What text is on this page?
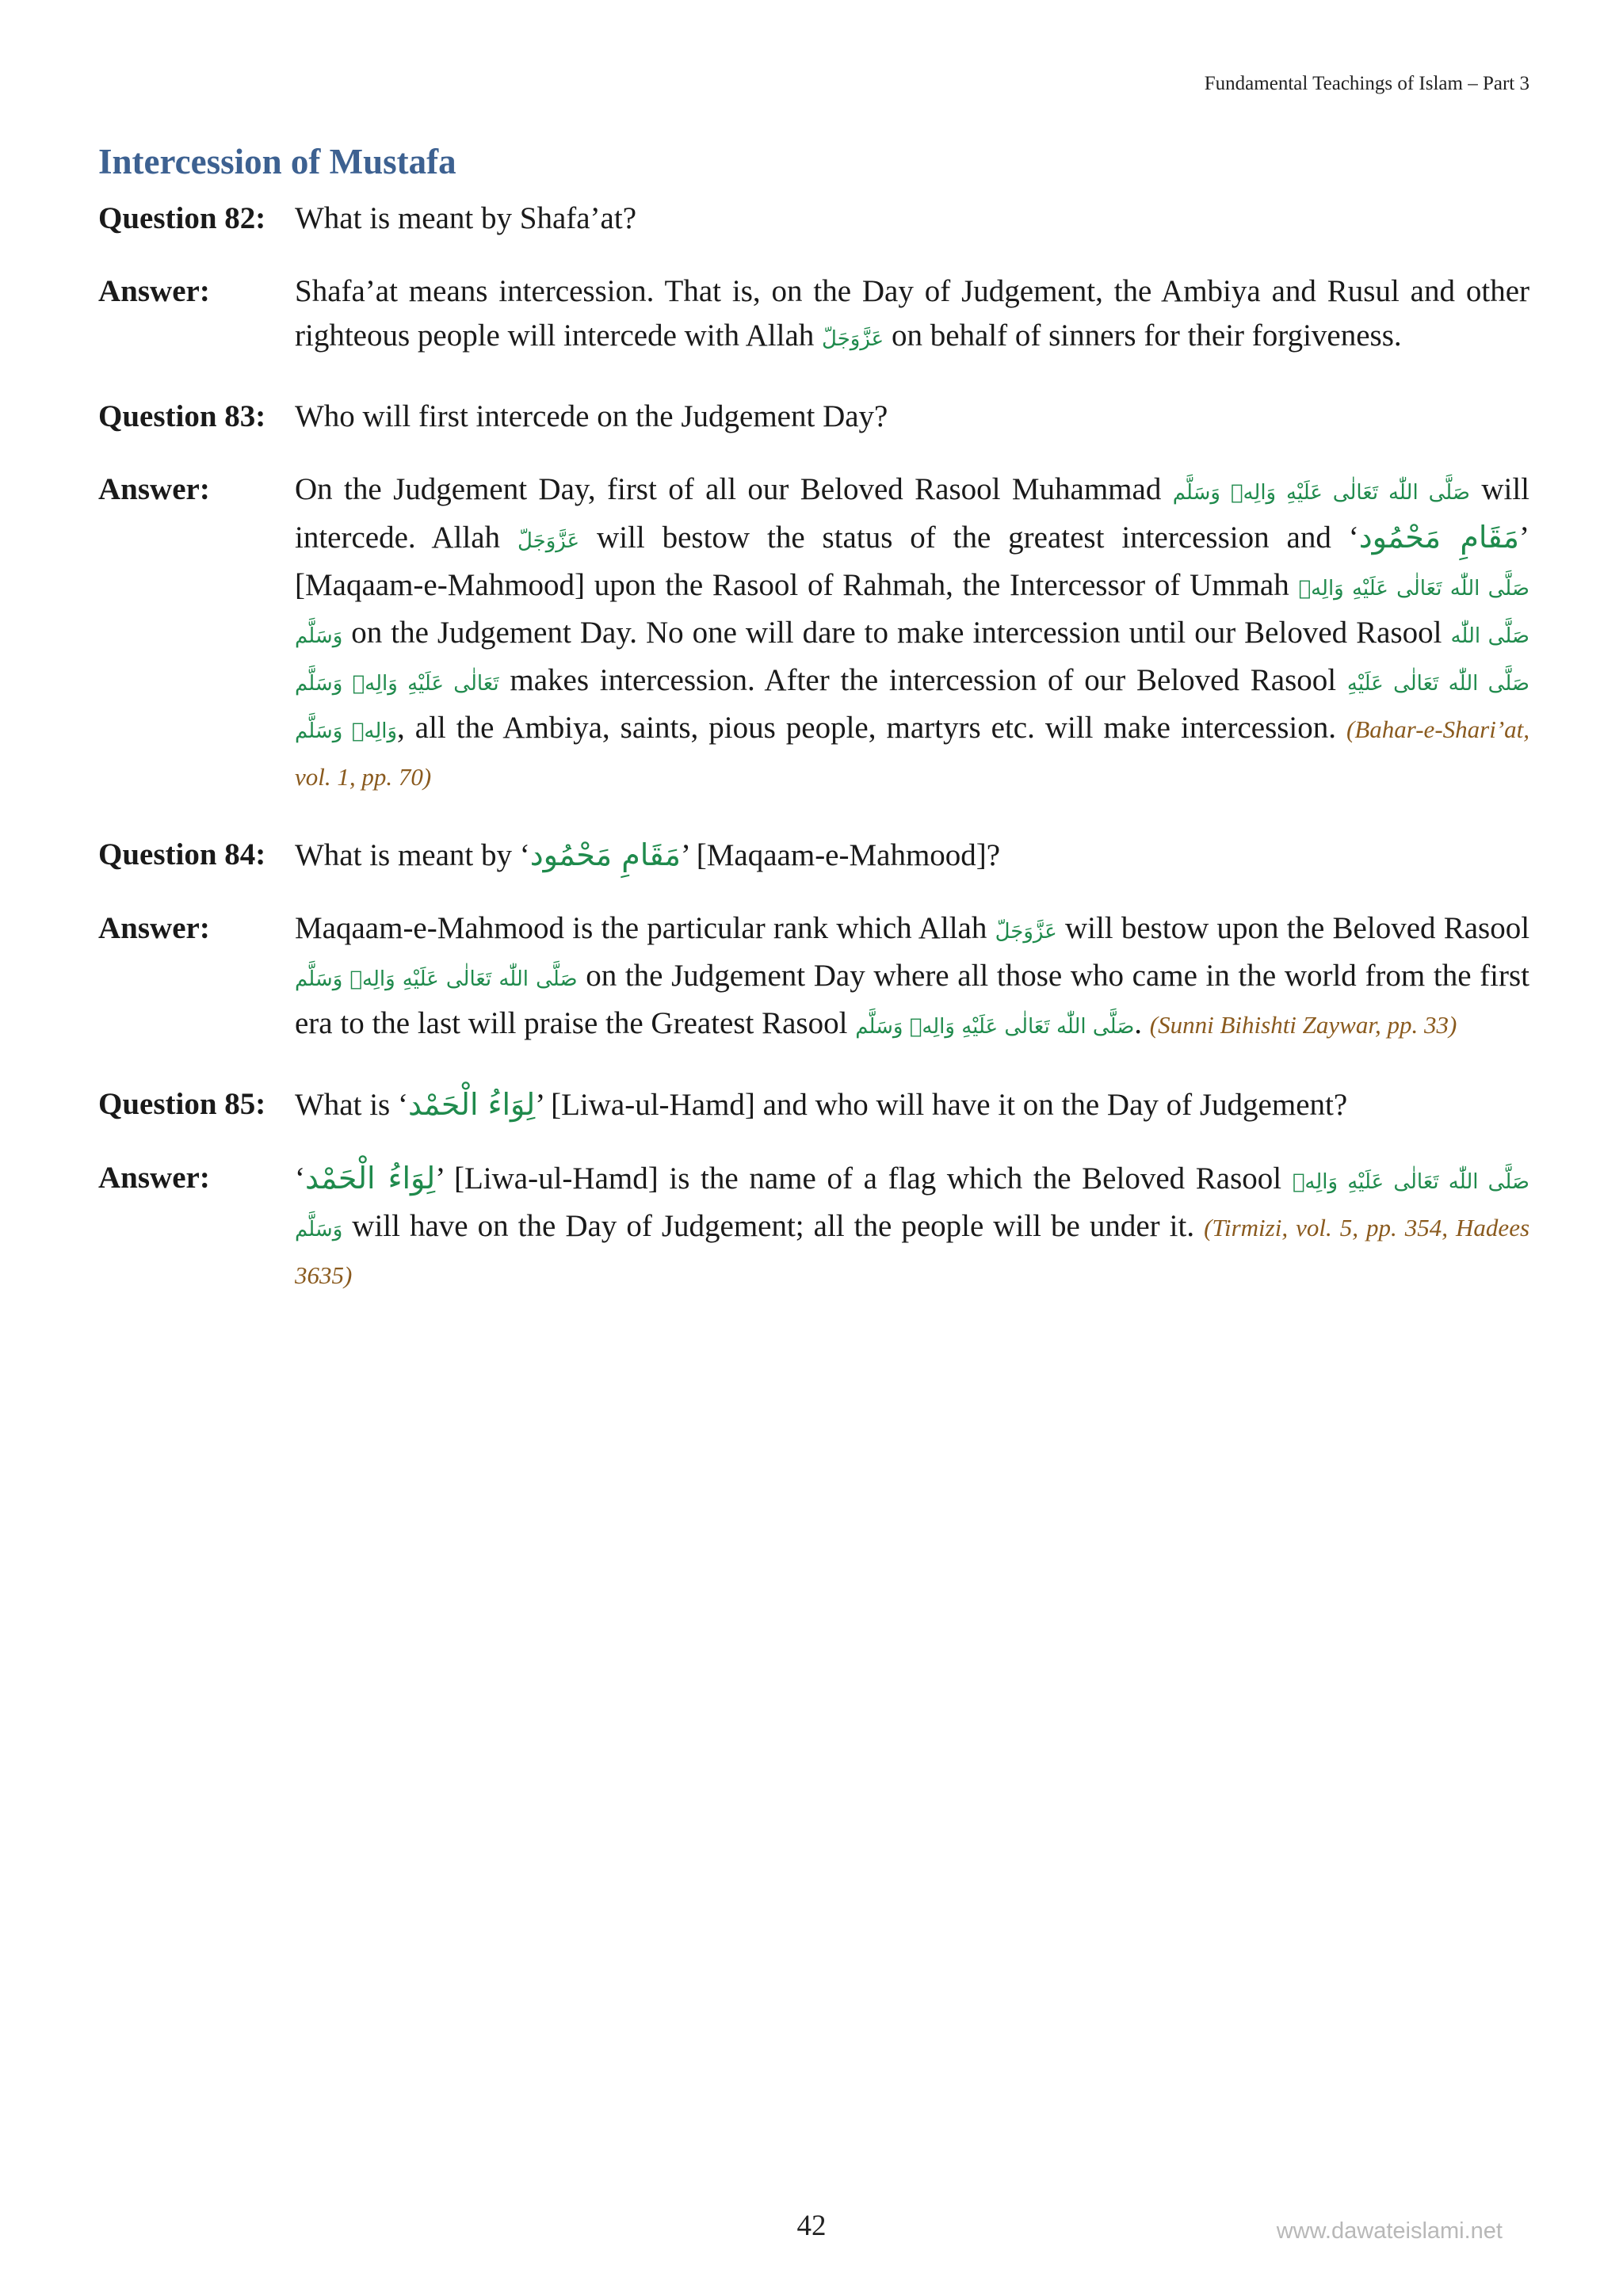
Fundamental Teachings of Islam – Part 3
Intercession of Mustafa
Question 82: What is meant by Shafa’at?
Answer:	Shafa’at means intercession. That is, on the Day of Judgement, the Ambiya and Rusul and other righteous people will intercede with Allah عَزَّوَجَلّ on behalf of sinners for their forgiveness.
Question 83: Who will first intercede on the Judgement Day?
Answer:	On the Judgement Day, first of all our Beloved Rasool Muhammad صَلَّى اللّٰه تَعَالٰى عَلَيْهِ وَالِهٖ وَسَلَّم will intercede. Allah عَزَّوَجَلّ will bestow the status of the greatest intercession and ‘مَقَامِ مَحْمُود’ [Maqaam-e-Mahmood] upon the Rasool of Rahmah, the Intercessor of Ummah صَلَّى اللّٰه تَعَالٰى عَلَيْهِ وَالِهٖ وَسَلَّم on the Judgement Day. No one will dare to make intercession until our Beloved Rasool صَلَّى اللّٰه تَعَالٰى عَلَيْهِ وَالِهٖ وَسَلَّم makes intercession. After the intercession of our Beloved Rasool صَلَّى اللّٰه تَعَالٰى عَلَيْهِ وَالِهٖ وَسَلَّم, all the Ambiya, saints, pious people, martyrs etc. will make intercession. (Bahar-e-Shari’at, vol. 1, pp. 70)
Question 84: What is meant by ‘مَقَامِ مَحْمُود’ [Maqaam-e-Mahmood]?
Answer:	Maqaam-e-Mahmood is the particular rank which Allah عَزَّوَجَلّ will bestow upon the Beloved Rasool صَلَّى اللّٰه تَعَالٰى عَلَيْهِ وَالِهٖ وَسَلَّم on the Judgement Day where all those who came in the world from the first era to the last will praise the Greatest Rasool صَلَّى اللّٰه تَعَالٰى عَلَيْهِ وَالِهٖ وَسَلَّم. (Sunni Bihishti Zaywar, pp. 33)
Question 85: What is ‘لِوَاءُ الْحَمْد’ [Liwa-ul-Hamd] and who will have it on the Day of Judgement?
Answer:	‘لِوَاءُ الْحَمْد’ [Liwa-ul-Hamd] is the name of a flag which the Beloved Rasool صَلَّى اللّٰه تَعَالٰى عَلَيْهِ وَالِهٖ وَسَلَّم will have on the Day of Judgement; all the people will be under it. (Tirmizi, vol. 5, pp. 354, Hadees 3635)
42	www.dawateislami.net
